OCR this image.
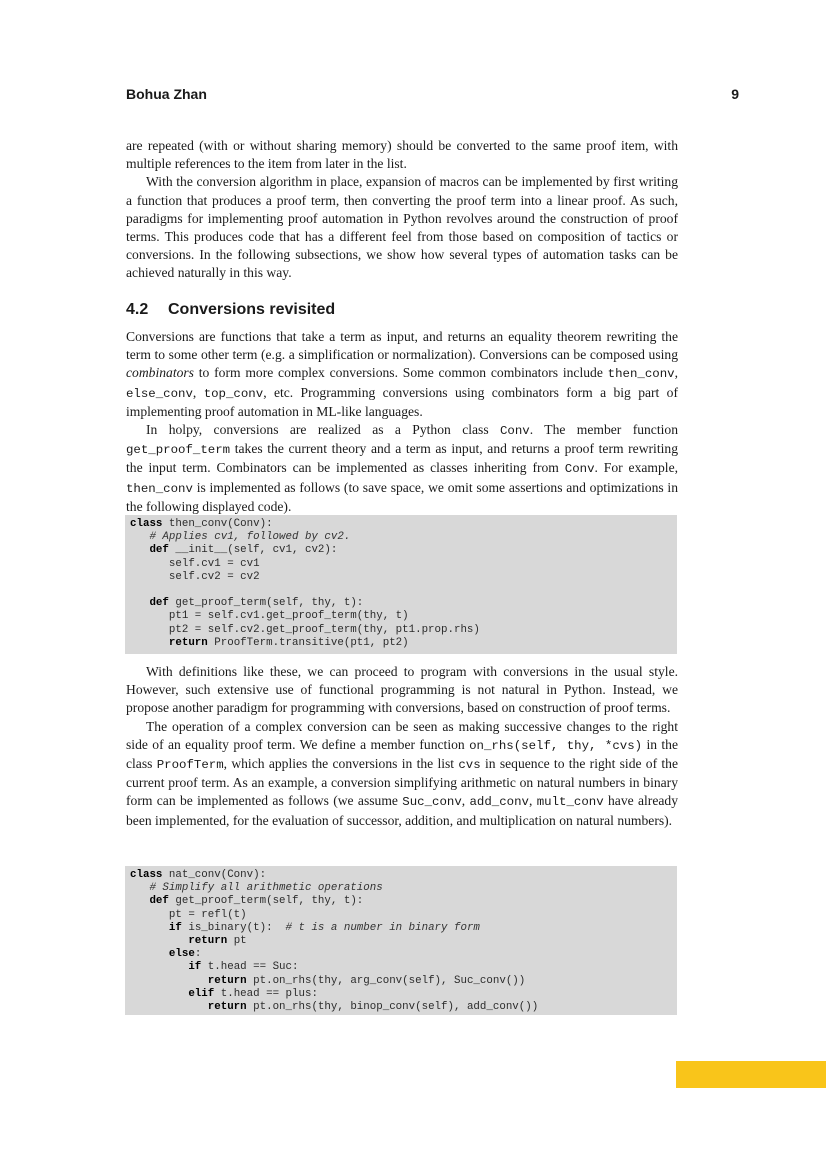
Bohua Zhan	9

are repeated (with or without sharing memory) should be converted to the same proof item, with multiple references to the item from later in the list.

With the conversion algorithm in place, expansion of macros can be implemented by first writing a function that produces a proof term, then converting the proof term into a linear proof. As such, paradigms for implementing proof automation in Python revolves around the construction of proof terms. This produces code that has a different feel from those based on composition of tactics or conversions. In the following subsections, we show how several types of automation tasks can be achieved naturally in this way.

4.2 Conversions revisited

Conversions are functions that take a term as input, and returns an equality theorem rewriting the term to some other term (e.g. a simplification or normalization). Conversions can be composed using combinators to form more complex conversions. Some common combinators include then_conv, else_conv, top_conv, etc. Programming conversions using combinators form a big part of implementing proof automation in ML-like languages.

In holpy, conversions are realized as a Python class Conv. The member function get_proof_term takes the current theory and a term as input, and returns a proof term rewriting the input term. Combinators can be implemented as classes inheriting from Conv. For example, then_conv is implemented as follows (to save space, we omit some assertions and optimizations in the following displayed code).

class then_conv(Conv):
# Applies cv1, followed by cv2.
def __init__(self, cv1, cv2):
self.cv1 = cv1
self.cv2 = cv2
def get_proof_term(self, thy, t):
pt1 = self.cv1.get_proof_term(thy, t)
pt2 = self.cv2.get_proof_term(thy, pt1.prop.rhs)
return ProofTerm.transitive(pt1, pt2)

With definitions like these, we can proceed to program with conversions in the usual style. However, such extensive use of functional programming is not natural in Python. Instead, we propose another paradigm for programming with conversions, based on construction of proof terms.

The operation of a complex conversion can be seen as making successive changes to the right side of an equality proof term. We define a member function on_rhs(self, thy, *cvs) in the class ProofTerm, which applies the conversions in the list cvs in sequence to the right side of the current proof term. As an example, a conversion simplifying arithmetic on natural numbers in binary form can be implemented as follows (we assume Suc_conv, add_conv, mult_conv have already been implemented, for the evaluation of successor, addition, and multiplication on natural numbers).

class nat_conv(Conv):
# Simplify all arithmetic operations
def get_proof_term(self, thy, t):
pt = refl(t)
if is_binary(t):  # t is a number in binary form
return pt
else:
if t.head == Suc:
return pt.on_rhs(thy, arg_conv(self), Suc_conv())
elif t.head == plus:
return pt.on_rhs(thy, binop_conv(self), add_conv())
